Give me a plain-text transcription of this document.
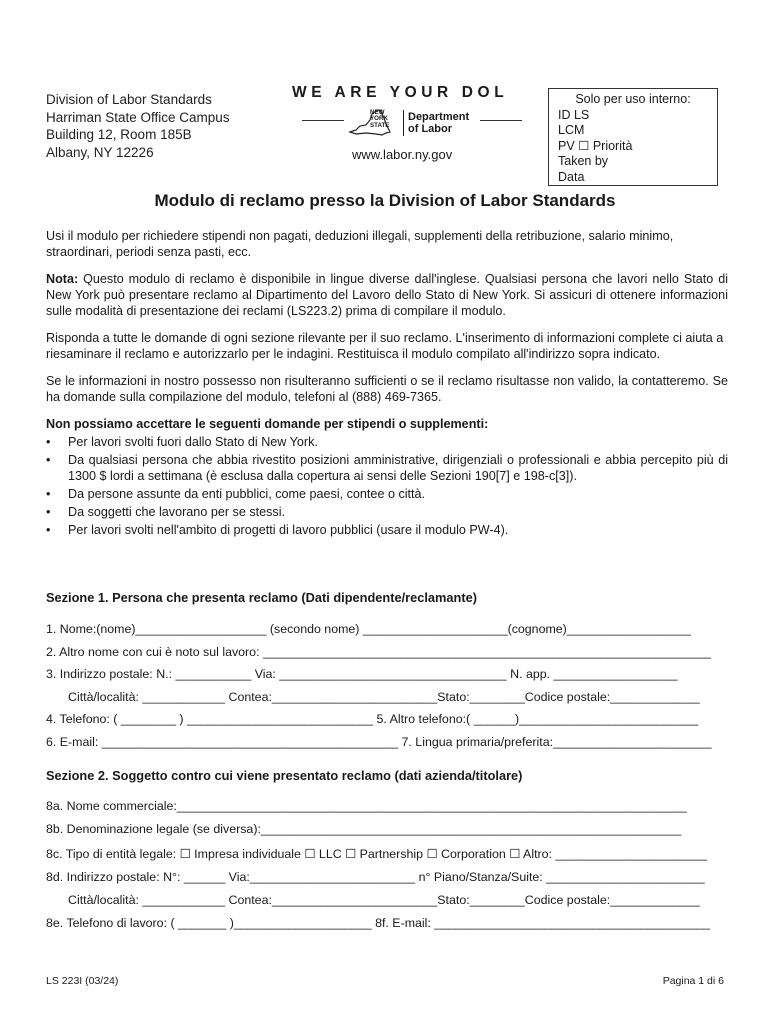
Division of Labor Standards
Harriman State Office Campus
Building 12, Room 185B
Albany, NY 12226
WE ARE YOUR DOL
NEW
YORK
STATE
Department
of Labor
www.labor.ny.gov
Solo per uso interno:
ID LS
LCM
PV ☐ Priorità
Taken by
Data
Modulo di reclamo presso la Division of Labor Standards

Usi il modulo per richiedere stipendi non pagati, deduzioni illegali, supplementi della retribuzione, salario minimo, straordinari, periodi senza pasti, ecc.

Nota: Questo modulo di reclamo è disponibile in lingue diverse dall'inglese. Qualsiasi persona che lavori nello Stato di New York può presentare reclamo al Dipartimento del Lavoro dello Stato di New York. Si assicuri di ottenere informazioni sulle modalità di presentazione dei reclami (LS223.2) prima di compilare il modulo.

Risponda a tutte le domande di ogni sezione rilevante per il suo reclamo. L'inserimento di informazioni complete ci aiuta a riesaminare il reclamo e autorizzarlo per le indagini. Restituisca il modulo compilato all'indirizzo sopra indicato.

Se le informazioni in nostro possesso non risulteranno sufficienti o se il reclamo risultasse non valido, la contatteremo. Se ha domande sulla compilazione del modulo, telefoni al (888) 469-7365.

Non possiamo accettare le seguenti domande per stipendi o supplementi:
• Per lavori svolti fuori dallo Stato di New York.
• Da qualsiasi persona che abbia rivestito posizioni amministrative, dirigenziali o professionali e abbia percepito più di 1300 $ lordi a settimana (è esclusa dalla copertura ai sensi delle Sezioni 190[7] e 198-c[3]).
• Da persone assunte da enti pubblici, come paesi, contee o città.
• Da soggetti che lavorano per se stessi.
• Per lavori svolti nell'ambito di progetti di lavoro pubblici (usare il modulo PW-4).
Sezione 1. Persona che presenta reclamo (Dati dipendente/reclamante)
1. Nome:(nome)___________________ (secondo nome) _____________________(cognome)__________________
2. Altro nome con cui è noto sul lavoro: _________________________________________________________________
3. Indirizzo postale: N.: ___________ Via: _________________________________ N. app. __________________
Città/località: ____________ Contea:________________________Stato:________Codice postale:_____________
4. Telefono: ( ________ ) ___________________________ 5. Altro telefono:( ______)__________________________
6. E-mail: ___________________________________________ 7. Lingua primaria/preferita:_______________________
Sezione 2. Soggetto contro cui viene presentato reclamo (dati azienda/titolare)
8a. Nome commerciale:__________________________________________________________________________
8b. Denominazione legale (se diversa):_____________________________________________________________
8c. Tipo di entità legale: ☐ Impresa individuale ☐ LLC ☐ Partnership ☐ Corporation ☐ Altro: ______________________
8d. Indirizzo postale: N°: ______ Via:________________________ n° Piano/Stanza/Suite: _______________________
Città/località: ____________ Contea:________________________Stato:________Codice postale:_____________
8e. Telefono di lavoro: ( _______ )____________________ 8f. E-mail: ________________________________________
LS 223I (03/24)	Pagina 1 di 6
